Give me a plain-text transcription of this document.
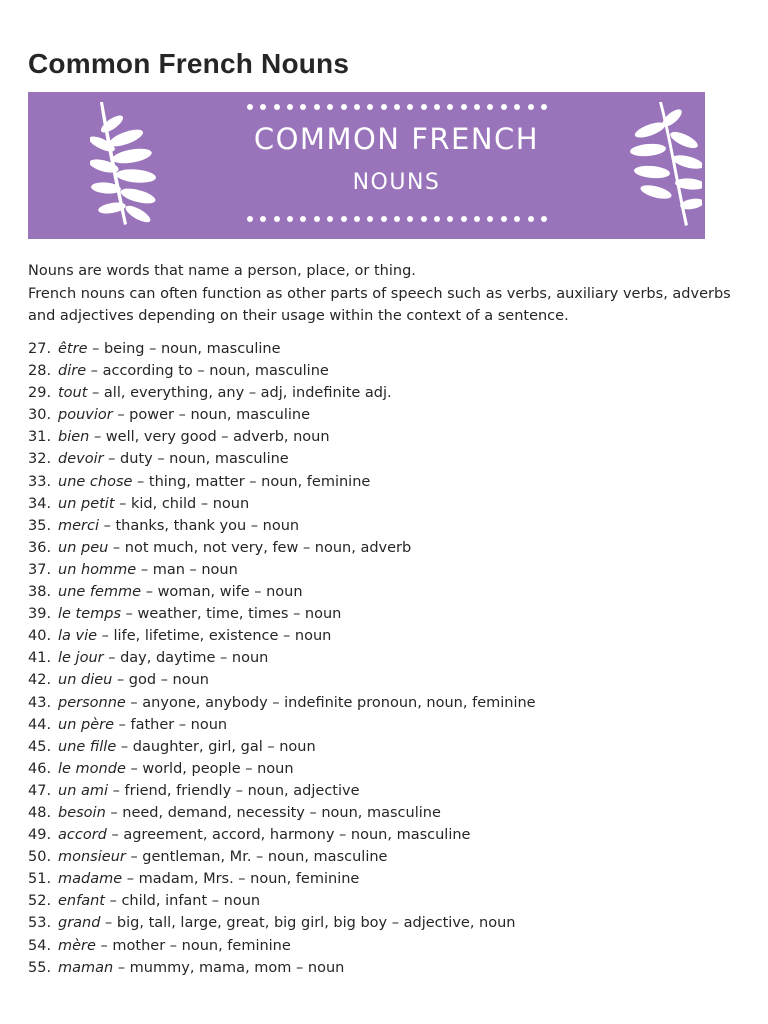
Common French Nouns
COMMON FRENCH
NOUNS

Nouns are words that name a person, place, or thing.

French nouns can often function as other parts of speech such as verbs, auxiliary verbs, adverbs and adjectives depending on their usage within the context of a sentence.

27. être – being – noun, masculine
28. dire – according to – noun, masculine
29. tout – all, everything, any – adj, indefinite adj.
30. pouvior – power – noun, masculine
31. bien – well, very good – adverb, noun
32. devoir – duty – noun, masculine
33. une chose – thing, matter – noun, feminine
34. un petit – kid, child – noun
35. merci – thanks, thank you – noun
36. un peu – not much, not very, few – noun, adverb
37. un homme – man – noun
38. une femme – woman, wife – noun
39. le temps – weather, time, times – noun
40. la vie – life, lifetime, existence – noun
41. le jour – day, daytime – noun
42. un dieu – god – noun
43. personne – anyone, anybody – indefinite pronoun, noun, feminine
44. un père – father – noun
45. une fille – daughter, girl, gal – noun
46. le monde – world, people – noun
47. un ami – friend, friendly – noun, adjective
48. besoin – need, demand, necessity – noun, masculine
49. accord – agreement, accord, harmony – noun, masculine
50. monsieur – gentleman, Mr. – noun, masculine
51. madame – madam, Mrs. – noun, feminine
52. enfant – child, infant – noun
53. grand – big, tall, large, great, big girl, big boy – adjective, noun
54. mère – mother – noun, feminine
55. maman – mummy, mama, mom – noun
